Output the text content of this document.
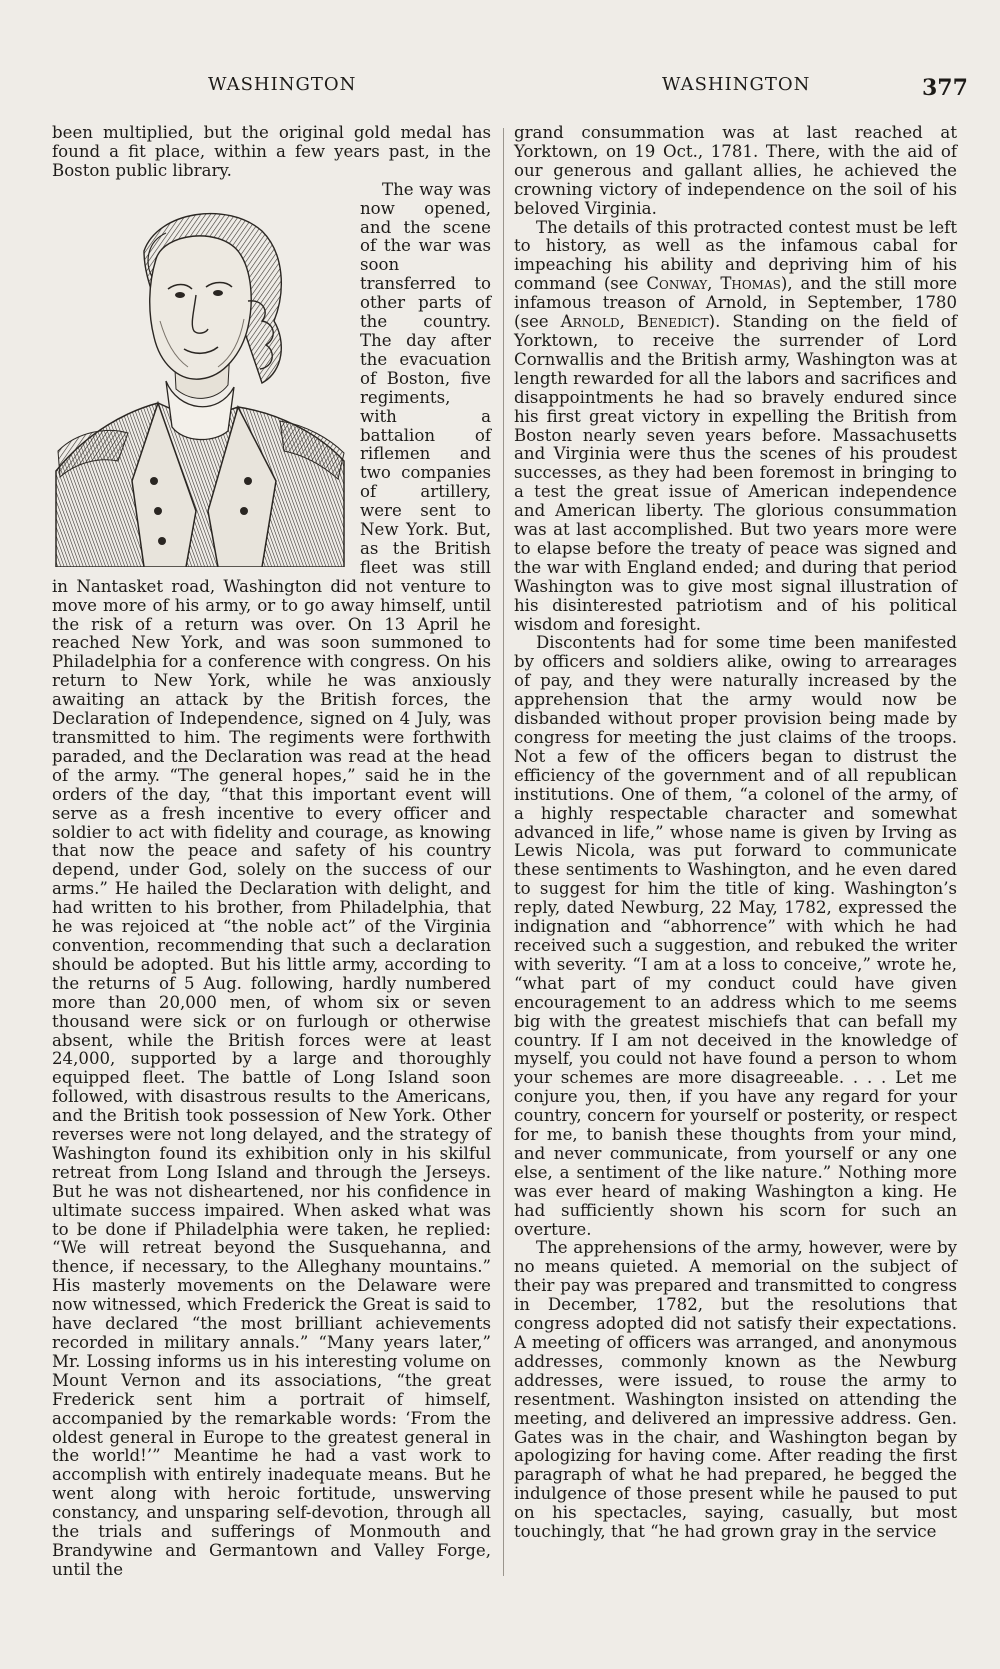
WASHINGTON	WASHINGTON	377

been multiplied, but the original gold medal has found a fit place, within a few years past, in the Boston public library.

The way was now opened, and the scene of the war was soon transferred to other parts of the country. The day after the evacuation of Boston, five regiments, with a battalion of riflemen and two companies of artillery, were sent to New York. But, as the British fleet was still in Nantasket road, Washington did not venture to move more of his army, or to go away himself, until the risk of a return was over. On 13 April he reached New York, and was soon summoned to Philadelphia for a conference with congress. On his return to New York, while he was anxiously awaiting an attack by the British forces, the Declaration of Independence, signed on 4 July, was transmitted to him. The regiments were forthwith paraded, and the Declaration was read at the head of the army. “The general hopes,” said he in the orders of the day, “that this important event will serve as a fresh incentive to every officer and soldier to act with fidelity and courage, as knowing that now the peace and safety of his country depend, under God, solely on the success of our arms.” He hailed the Declaration with delight, and had written to his brother, from Philadelphia, that he was rejoiced at “the noble act” of the Virginia convention, recommending that such a declaration should be adopted. But his little army, according to the returns of 5 Aug. following, hardly numbered more than 20,000 men, of whom six or seven thousand were sick or on furlough or otherwise absent, while the British forces were at least 24,000, supported by a large and thoroughly equipped fleet. The battle of Long Island soon followed, with disastrous results to the Americans, and the British took possession of New York. Other reverses were not long delayed, and the strategy of Washington found its exhibition only in his skilful retreat from Long Island and through the Jerseys. But he was not disheartened, nor his confidence in ultimate success impaired. When asked what was to be done if Philadelphia were taken, he replied: “We will retreat beyond the Susquehanna, and thence, if necessary, to the Alleghany mountains.” His masterly movements on the Delaware were now witnessed, which Frederick the Great is said to have declared “the most brilliant achievements recorded in military annals.” “Many years later,” Mr. Lossing informs us in his interesting volume on Mount Vernon and its associations, “the great Frederick sent him a portrait of himself, accompanied by the remarkable words: ‘From the oldest general in Europe to the greatest general in the world!’” Meantime he had a vast work to accomplish with entirely inadequate means. But he went along with heroic fortitude, unswerving constancy, and unsparing self-devotion, through all the trials and sufferings of Monmouth and Brandywine and Germantown and Valley Forge, until the

grand consummation was at last reached at Yorktown, on 19 Oct., 1781. There, with the aid of our generous and gallant allies, he achieved the crowning victory of independence on the soil of his beloved Virginia.

The details of this protracted contest must be left to history, as well as the infamous cabal for impeaching his ability and depriving him of his command (see Conway, Thomas), and the still more infamous treason of Arnold, in September, 1780 (see Arnold, Benedict). Standing on the field of Yorktown, to receive the surrender of Lord Cornwallis and the British army, Washington was at length rewarded for all the labors and sacrifices and disappointments he had so bravely endured since his first great victory in expelling the British from Boston nearly seven years before. Massachusetts and Virginia were thus the scenes of his proudest successes, as they had been foremost in bringing to a test the great issue of American independence and American liberty. The glorious consummation was at last accomplished. But two years more were to elapse before the treaty of peace was signed and the war with England ended; and during that period Washington was to give most signal illustration of his disinterested patriotism and of his political wisdom and foresight.

Discontents had for some time been manifested by officers and soldiers alike, owing to arrearages of pay, and they were naturally increased by the apprehension that the army would now be disbanded without proper provision being made by congress for meeting the just claims of the troops. Not a few of the officers began to distrust the efficiency of the government and of all republican institutions. One of them, “a colonel of the army, of a highly respectable character and somewhat advanced in life,” whose name is given by Irving as Lewis Nicola, was put forward to communicate these sentiments to Washington, and he even dared to suggest for him the title of king. Washington’s reply, dated Newburg, 22 May, 1782, expressed the indignation and “abhorrence” with which he had received such a suggestion, and rebuked the writer with severity. “I am at a loss to conceive,” wrote he, “what part of my conduct could have given encouragement to an address which to me seems big with the greatest mischiefs that can befall my country. If I am not deceived in the knowledge of myself, you could not have found a person to whom your schemes are more disagreeable. . . . Let me conjure you, then, if you have any regard for your country, concern for yourself or posterity, or respect for me, to banish these thoughts from your mind, and never communicate, from yourself or any one else, a sentiment of the like nature.” Nothing more was ever heard of making Washington a king. He had sufficiently shown his scorn for such an overture.

The apprehensions of the army, however, were by no means quieted. A memorial on the subject of their pay was prepared and transmitted to congress in December, 1782, but the resolutions that congress adopted did not satisfy their expectations. A meeting of officers was arranged, and anonymous addresses, commonly known as the Newburg addresses, were issued, to rouse the army to resentment. Washington insisted on attending the meeting, and delivered an impressive address. Gen. Gates was in the chair, and Washington began by apologizing for having come. After reading the first paragraph of what he had prepared, he begged the indulgence of those present while he paused to put on his spectacles, saying, casually, but most touchingly, that “he had grown gray in the service
